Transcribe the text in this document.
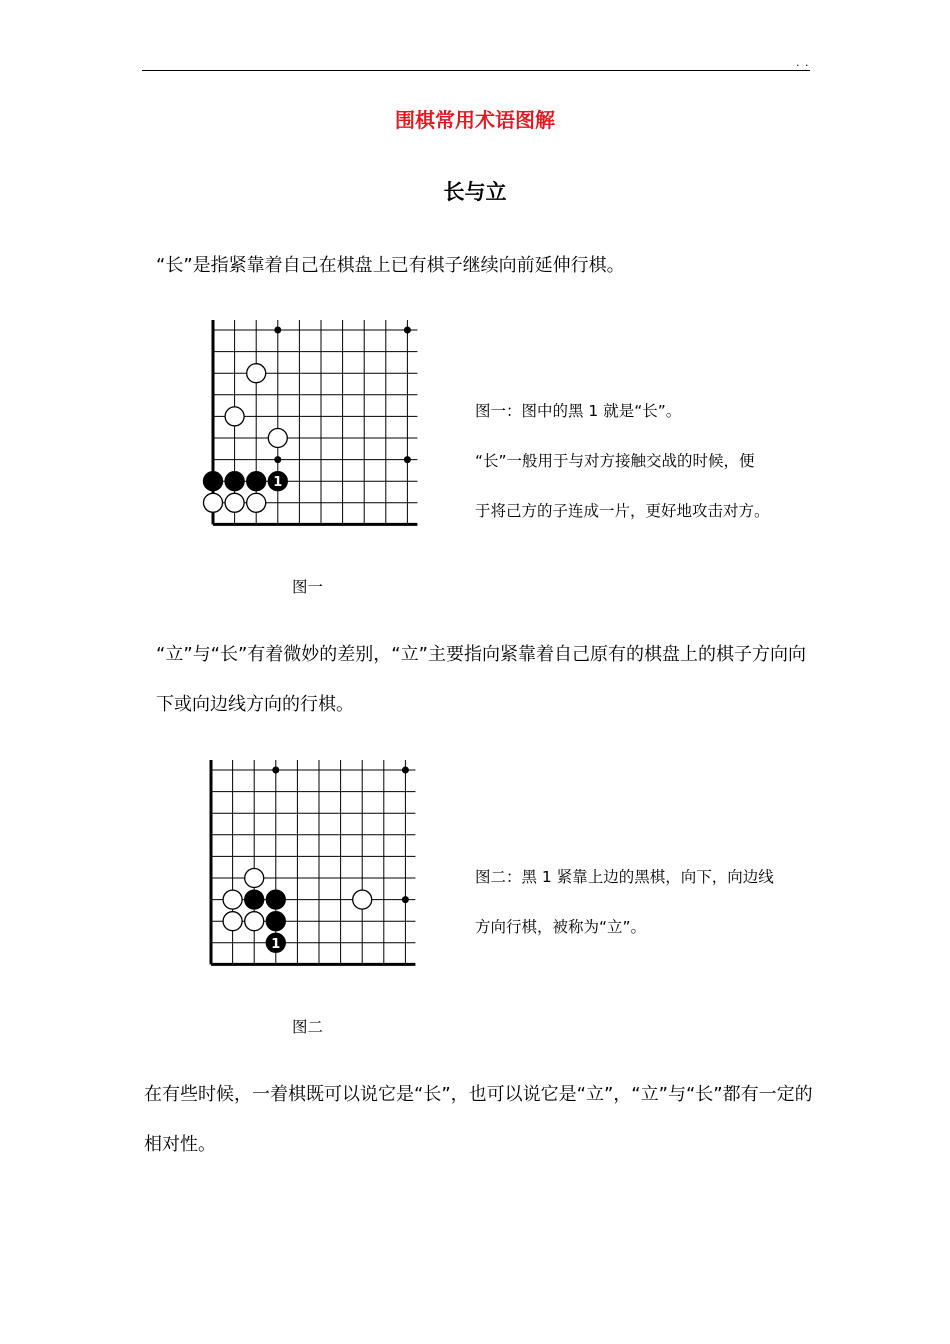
. .
围棋常用术语图解
长与立

“长”是指紧靠着自己在棋盘上已有棋子继续向前延伸行棋。

1

图一：图中的黑 1 就是“长”。
“长”一般用于与对方接触交战的时候，便
于将己方的子连成一片，更好地攻击对方。

图一

“立”与“长”有着微妙的差别，“立”主要指向紧靠着自己原有的棋盘上的棋子方向向下或向边线方向的行棋。

1

图二：黑 1 紧靠上边的黑棋，向下，向边线
方向行棋，被称为“立”。

图二

在有些时候，一着棋既可以说它是“长”，也可以说它是“立”，“立”与“长”都有一定的相对性。
